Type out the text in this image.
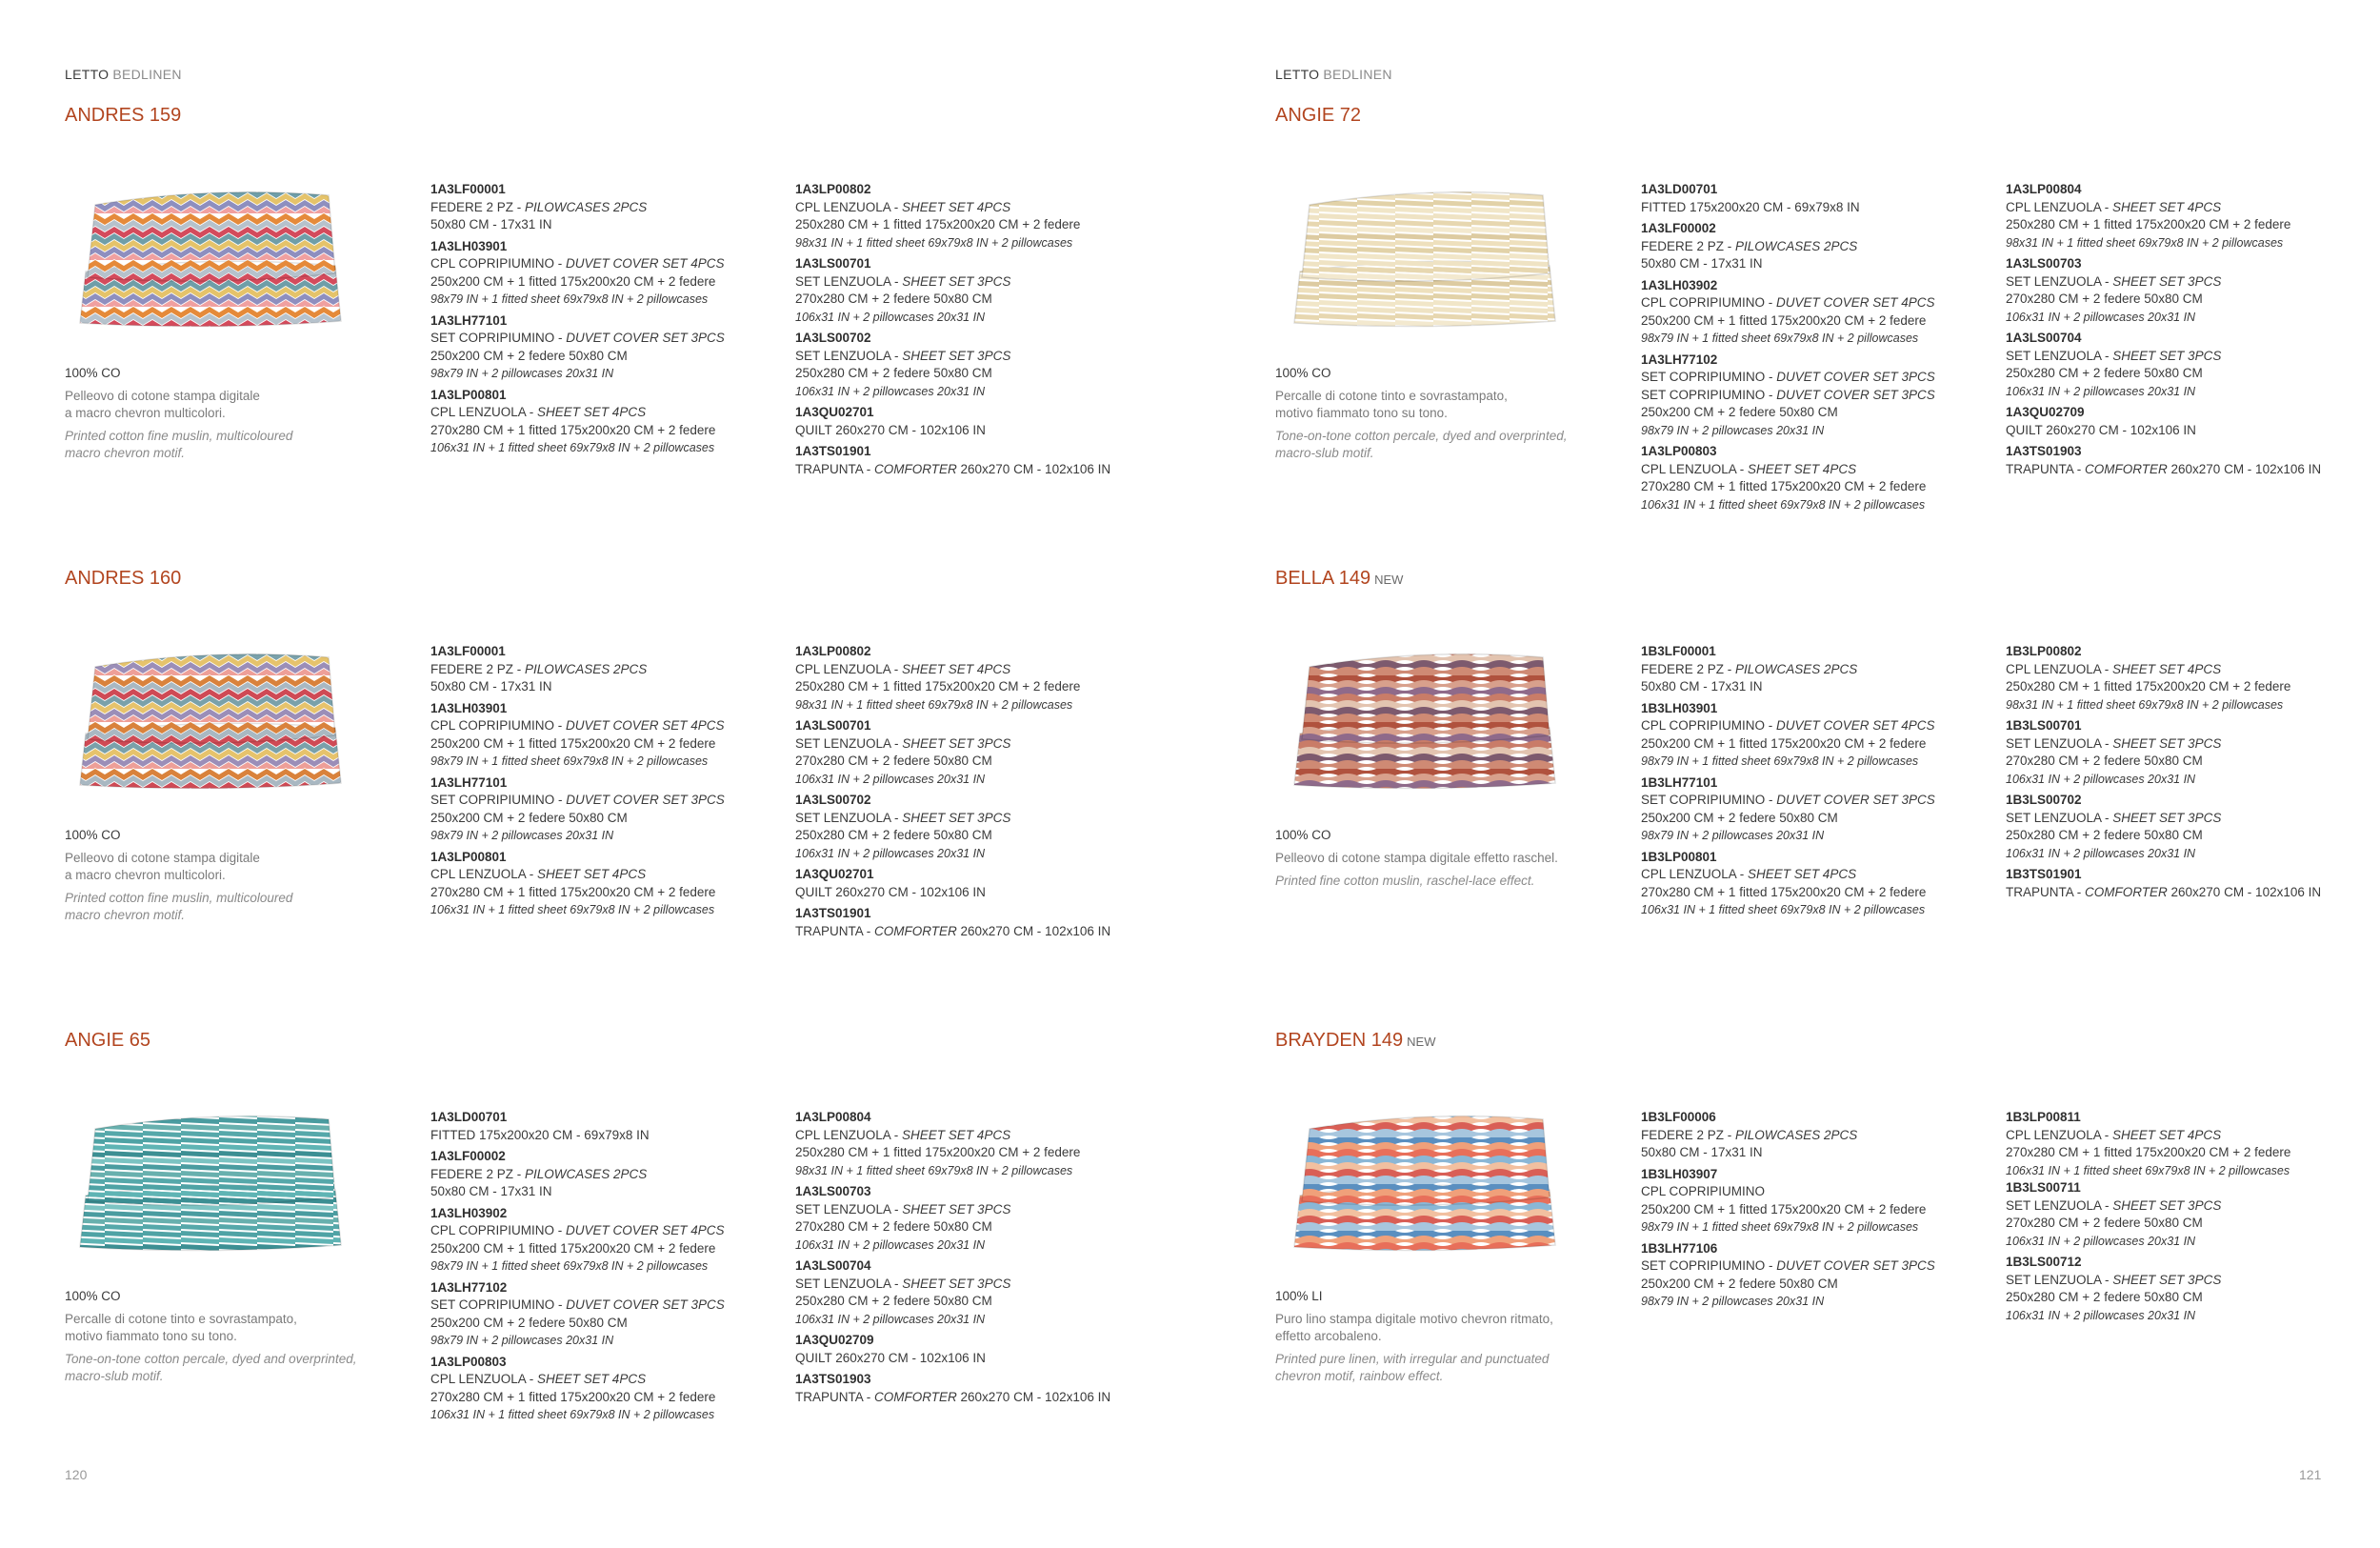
LETTO BEDLINEN	LETTO BEDLINEN
ANDRES 159
100% CO
Pelleovo di cotone stampa digitale
a macro chevron multicolori.
Printed cotton fine muslin, multicoloured
macro chevron motif.
1A3LF00001
FEDERE 2 PZ - PILOWCASES 2PCS
50x80 CM - 17x31 IN
1A3LH03901
CPL COPRIPIUMINO - DUVET COVER SET 4PCS
250x200 CM + 1 fitted 175x200x20 CM + 2 federe
98x79 IN + 1 fitted sheet 69x79x8 IN + 2 pillowcases
1A3LH77101
SET COPRIPIUMINO - DUVET COVER SET 3PCS
250x200 CM + 2 federe 50x80 CM
98x79 IN + 2 pillowcases 20x31 IN
1A3LP00801
CPL LENZUOLA - SHEET SET 4PCS
270x280 CM + 1 fitted 175x200x20 CM + 2 federe
106x31 IN + 1 fitted sheet 69x79x8 IN + 2 pillowcases
1A3LP00802
CPL LENZUOLA - SHEET SET 4PCS
250x280 CM + 1 fitted 175x200x20 CM + 2 federe
98x31 IN + 1 fitted sheet 69x79x8 IN + 2 pillowcases
1A3LS00701
SET LENZUOLA - SHEET SET 3PCS
270x280 CM + 2 federe 50x80 CM
106x31 IN + 2 pillowcases 20x31 IN
1A3LS00702
SET LENZUOLA - SHEET SET 3PCS
250x280 CM + 2 federe 50x80 CM
106x31 IN + 2 pillowcases 20x31 IN
1A3QU02701
QUILT 260x270 CM - 102x106 IN
1A3TS01901
TRAPUNTA - COMFORTER 260x270 CM - 102x106 IN
ANDRES 160
100% CO
Pelleovo di cotone stampa digitale
a macro chevron multicolori.
Printed cotton fine muslin, multicoloured
macro chevron motif.
1A3LF00001
FEDERE 2 PZ - PILOWCASES 2PCS
50x80 CM - 17x31 IN
1A3LH03901
CPL COPRIPIUMINO - DUVET COVER SET 4PCS
250x200 CM + 1 fitted 175x200x20 CM + 2 federe
98x79 IN + 1 fitted sheet 69x79x8 IN + 2 pillowcases
1A3LH77101
SET COPRIPIUMINO - DUVET COVER SET 3PCS
250x200 CM + 2 federe 50x80 CM
98x79 IN + 2 pillowcases 20x31 IN
1A3LP00801
CPL LENZUOLA - SHEET SET 4PCS
270x280 CM + 1 fitted 175x200x20 CM + 2 federe
106x31 IN + 1 fitted sheet 69x79x8 IN + 2 pillowcases
1A3LP00802
CPL LENZUOLA - SHEET SET 4PCS
250x280 CM + 1 fitted 175x200x20 CM + 2 federe
98x31 IN + 1 fitted sheet 69x79x8 IN + 2 pillowcases
1A3LS00701
SET LENZUOLA - SHEET SET 3PCS
270x280 CM + 2 federe 50x80 CM
106x31 IN + 2 pillowcases 20x31 IN
1A3LS00702
SET LENZUOLA - SHEET SET 3PCS
250x280 CM + 2 federe 50x80 CM
106x31 IN + 2 pillowcases 20x31 IN
1A3QU02701
QUILT 260x270 CM - 102x106 IN
1A3TS01901
TRAPUNTA - COMFORTER 260x270 CM - 102x106 IN
ANGIE 65
100% CO
Percalle di cotone tinto e sovrastampato,
motivo fiammato tono su tono.
Tone-on-tone cotton percale, dyed and overprinted,
macro-slub motif.
1A3LD00701
FITTED 175x200x20 CM - 69x79x8 IN
1A3LF00002
FEDERE 2 PZ - PILOWCASES 2PCS
50x80 CM - 17x31 IN
1A3LH03902
CPL COPRIPIUMINO - DUVET COVER SET 4PCS
250x200 CM + 1 fitted 175x200x20 CM + 2 federe
98x79 IN + 1 fitted sheet 69x79x8 IN + 2 pillowcases
1A3LH77102
SET COPRIPIUMINO - DUVET COVER SET 3PCS
250x200 CM + 2 federe 50x80 CM
98x79 IN + 2 pillowcases 20x31 IN
1A3LP00803
CPL LENZUOLA - SHEET SET 4PCS
270x280 CM + 1 fitted 175x200x20 CM + 2 federe
106x31 IN + 1 fitted sheet 69x79x8 IN + 2 pillowcases
1A3LP00804
CPL LENZUOLA - SHEET SET 4PCS
250x280 CM + 1 fitted 175x200x20 CM + 2 federe
98x31 IN + 1 fitted sheet 69x79x8 IN + 2 pillowcases
1A3LS00703
SET LENZUOLA - SHEET SET 3PCS
270x280 CM + 2 federe 50x80 CM
106x31 IN + 2 pillowcases 20x31 IN
1A3LS00704
SET LENZUOLA - SHEET SET 3PCS
250x280 CM + 2 federe 50x80 CM
106x31 IN + 2 pillowcases 20x31 IN
1A3QU02709
QUILT 260x270 CM - 102x106 IN
1A3TS01903
TRAPUNTA - COMFORTER 260x270 CM - 102x106 IN
ANGIE 72
100% CO
Percalle di cotone tinto e sovrastampato,
motivo fiammato tono su tono.
Tone-on-tone cotton percale, dyed and overprinted,
macro-slub motif.
1A3LD00701
FITTED 175x200x20 CM - 69x79x8 IN
1A3LF00002
FEDERE 2 PZ - PILOWCASES 2PCS
50x80 CM - 17x31 IN
1A3LH03902
CPL COPRIPIUMINO - DUVET COVER SET 4PCS
250x200 CM + 1 fitted 175x200x20 CM + 2 federe
98x79 IN + 1 fitted sheet 69x79x8 IN + 2 pillowcases
1A3LH77102
SET COPRIPIUMINO - DUVET COVER SET 3PCS
SET COPRIPIUMINO - DUVET COVER SET 3PCS
250x200 CM + 2 federe 50x80 CM
98x79 IN + 2 pillowcases 20x31 IN
1A3LP00803
CPL LENZUOLA - SHEET SET 4PCS
270x280 CM + 1 fitted 175x200x20 CM + 2 federe
106x31 IN + 1 fitted sheet 69x79x8 IN + 2 pillowcases
1A3LP00804
CPL LENZUOLA - SHEET SET 4PCS
250x280 CM + 1 fitted 175x200x20 CM + 2 federe
98x31 IN + 1 fitted sheet 69x79x8 IN + 2 pillowcases
1A3LS00703
SET LENZUOLA - SHEET SET 3PCS
270x280 CM + 2 federe 50x80 CM
106x31 IN + 2 pillowcases 20x31 IN
1A3LS00704
SET LENZUOLA - SHEET SET 3PCS
250x280 CM + 2 federe 50x80 CM
106x31 IN + 2 pillowcases 20x31 IN
1A3QU02709
QUILT 260x270 CM - 102x106 IN
1A3TS01903
TRAPUNTA - COMFORTER 260x270 CM - 102x106 IN
BELLA 149 NEW
100% CO
Pelleovo di cotone stampa digitale effetto raschel.
Printed fine cotton muslin, raschel-lace effect.
1B3LF00001
FEDERE 2 PZ - PILOWCASES 2PCS
50x80 CM - 17x31 IN
1B3LH03901
CPL COPRIPIUMINO - DUVET COVER SET 4PCS
250x200 CM + 1 fitted 175x200x20 CM + 2 federe
98x79 IN + 1 fitted sheet 69x79x8 IN + 2 pillowcases
1B3LH77101
SET COPRIPIUMINO - DUVET COVER SET 3PCS
250x200 CM + 2 federe 50x80 CM
98x79 IN + 2 pillowcases 20x31 IN
1B3LP00801
CPL LENZUOLA - SHEET SET 4PCS
270x280 CM + 1 fitted 175x200x20 CM + 2 federe
106x31 IN + 1 fitted sheet 69x79x8 IN + 2 pillowcases
1B3LP00802
CPL LENZUOLA - SHEET SET 4PCS
250x280 CM + 1 fitted 175x200x20 CM + 2 federe
98x31 IN + 1 fitted sheet 69x79x8 IN + 2 pillowcases
1B3LS00701
SET LENZUOLA - SHEET SET 3PCS
270x280 CM + 2 federe 50x80 CM
106x31 IN + 2 pillowcases 20x31 IN
1B3LS00702
SET LENZUOLA - SHEET SET 3PCS
250x280 CM + 2 federe 50x80 CM
106x31 IN + 2 pillowcases 20x31 IN
1B3TS01901
TRAPUNTA - COMFORTER 260x270 CM - 102x106 IN
BRAYDEN 149 NEW
100% LI
Puro lino stampa digitale motivo chevron ritmato,
effetto arcobaleno.
Printed pure linen, with irregular and punctuated
chevron motif, rainbow effect.
1B3LF00006
FEDERE 2 PZ - PILOWCASES 2PCS
50x80 CM - 17x31 IN
1B3LH03907
CPL COPRIPIUMINO
250x200 CM + 1 fitted 175x200x20 CM + 2 federe
98x79 IN + 1 fitted sheet 69x79x8 IN + 2 pillowcases
1B3LH77106
SET COPRIPIUMINO - DUVET COVER SET 3PCS
250x200 CM + 2 federe 50x80 CM
98x79 IN + 2 pillowcases 20x31 IN
1B3LP00811
CPL LENZUOLA - SHEET SET 4PCS
270x280 CM + 1 fitted 175x200x20 CM + 2 federe
106x31 IN + 1 fitted sheet 69x79x8 IN + 2 pillowcases
1B3LS00711
SET LENZUOLA - SHEET SET 3PCS
270x280 CM + 2 federe 50x80 CM
106x31 IN + 2 pillowcases 20x31 IN
1B3LS00712
SET LENZUOLA - SHEET SET 3PCS
250x280 CM + 2 federe 50x80 CM
106x31 IN + 2 pillowcases 20x31 IN
120	121
